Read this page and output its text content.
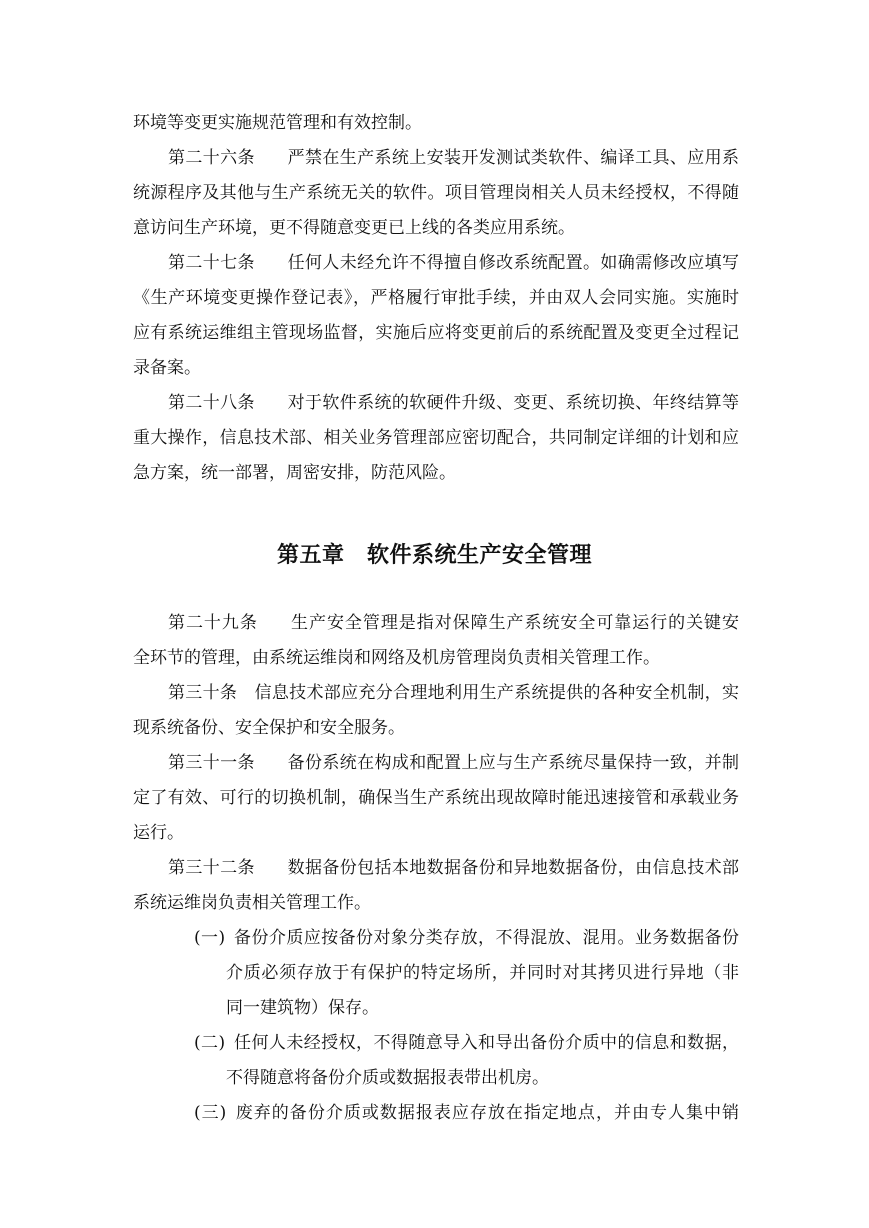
环境等变更实施规范管理和有效控制。
第二十六条 严禁在生产系统上安装开发测试类软件、编译工具、应用系
统源程序及其他与生产系统无关的软件。项目管理岗相关人员未经授权，不得随
意访问生产环境，更不得随意变更已上线的各类应用系统。
第二十七条 任何人未经允许不得擅自修改系统配置。如确需修改应填写
《生产环境变更操作登记表》，严格履行审批手续，并由双人会同实施。实施时
应有系统运维组主管现场监督，实施后应将变更前后的系统配置及变更全过程记
录备案。
第二十八条 对于软件系统的软硬件升级、变更、系统切换、年终结算等
重大操作，信息技术部、相关业务管理部应密切配合，共同制定详细的计划和应
急方案，统一部署，周密安排，防范风险。
第五章　软件系统生产安全管理
第二十九条 生产安全管理是指对保障生产系统安全可靠运行的关键安
全环节的管理，由系统运维岗和网络及机房管理岗负责相关管理工作。
第三十条 信息技术部应充分合理地利用生产系统提供的各种安全机制，实
现系统备份、安全保护和安全服务。
第三十一条 备份系统在构成和配置上应与生产系统尽量保持一致，并制
定了有效、可行的切换机制，确保当生产系统出现故障时能迅速接管和承载业务
运行。
第三十二条 数据备份包括本地数据备份和异地数据备份，由信息技术部
系统运维岗负责相关管理工作。
(一) 备份介质应按备份对象分类存放，不得混放、混用。业务数据备份
介质必须存放于有保护的特定场所，并同时对其拷贝进行异地（非
同一建筑物）保存。
(二) 任何人未经授权，不得随意导入和导出备份介质中的信息和数据，
不得随意将备份介质或数据报表带出机房。
(三) 废弃的备份介质或数据报表应存放在指定地点，并由专人集中销
